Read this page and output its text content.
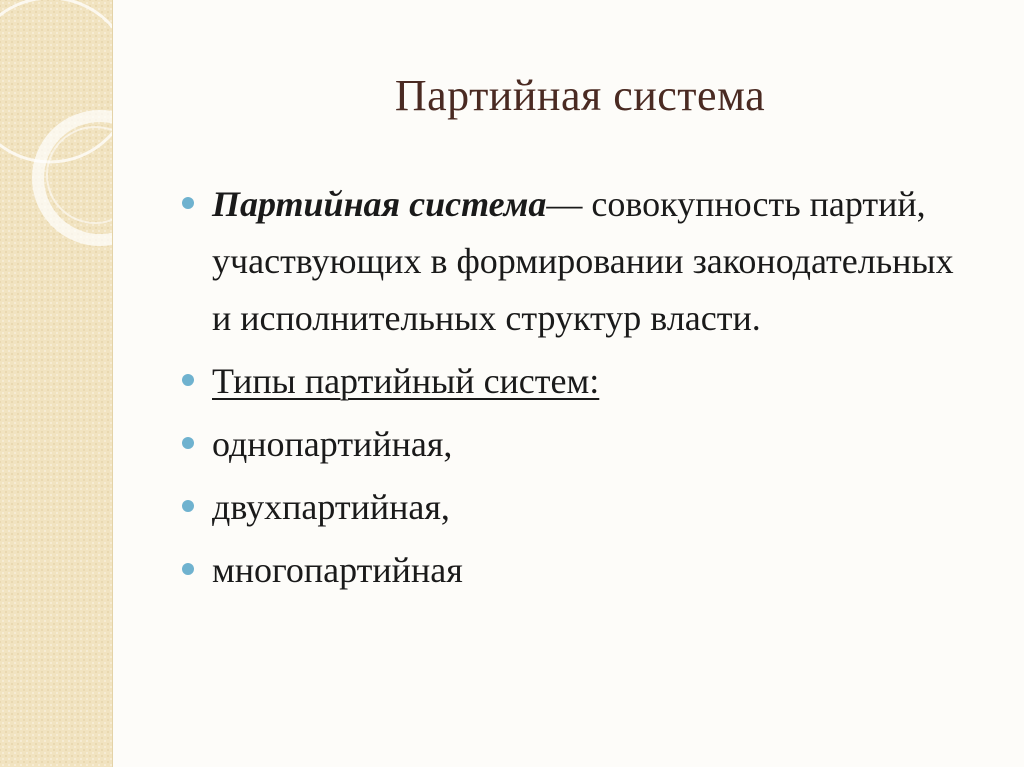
Партийная система
Партийная система— совокупность партий, участвующих в формировании законодательных и исполнительных структур власти.
Типы партийный систем:
однопартийная,
двухпартийная,
многопартийная
